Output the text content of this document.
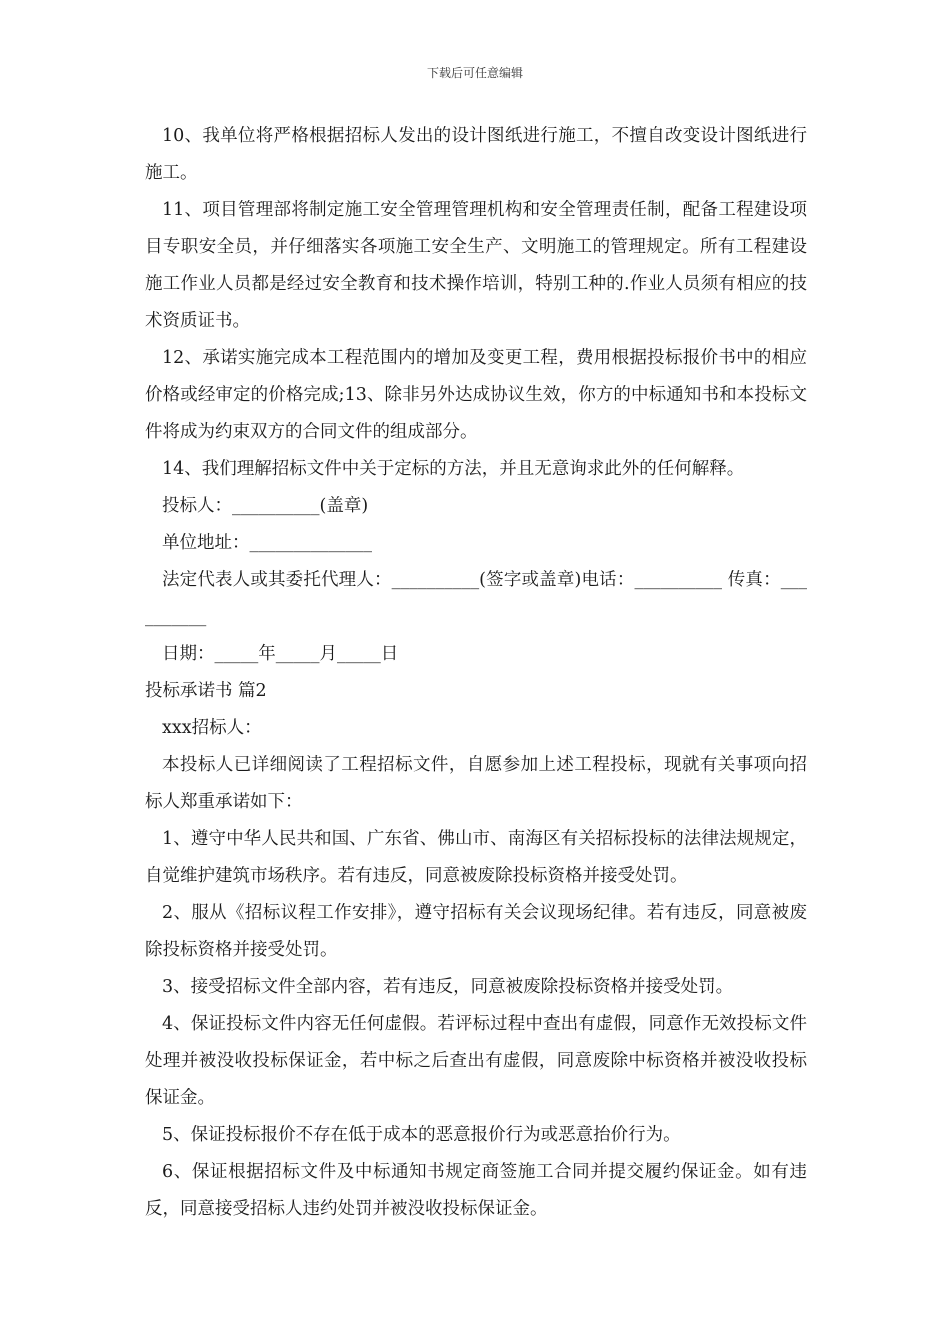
下载后可任意编辑

10、我单位将严格根据招标人发出的设计图纸进行施工，不擅自改变设计图纸进行施工。

11、项目管理部将制定施工安全管理管理机构和安全管理责任制，配备工程建设项目专职安全员，并仔细落实各项施工安全生产、文明施工的管理规定。所有工程建设施工作业人员都是经过安全教育和技术操作培训，特别工种的.作业人员须有相应的技术资质证书。

12、承诺实施完成本工程范围内的增加及变更工程，费用根据投标报价书中的相应价格或经审定的价格完成;13、除非另外达成协议生效，你方的中标通知书和本投标文件将成为约束双方的合同文件的组成部分。

14、我们理解招标文件中关于定标的方法，并且无意询求此外的任何解释。

投标人：__________(盖章)

单位地址：______________

法定代表人或其委托代理人：__________(签字或盖章)电话：__________ 传真：__________

日期：_____年_____月_____日

投标承诺书 篇2

xxx招标人：

本投标人已详细阅读了工程招标文件，自愿参加上述工程投标，现就有关事项向招标人郑重承诺如下：

1、遵守中华人民共和国、广东省、佛山市、南海区有关招标投标的法律法规规定，自觉维护建筑市场秩序。若有违反，同意被废除投标资格并接受处罚。

2、服从《招标议程工作安排》，遵守招标有关会议现场纪律。若有违反，同意被废除投标资格并接受处罚。

3、接受招标文件全部内容，若有违反，同意被废除投标资格并接受处罚。

4、保证投标文件内容无任何虚假。若评标过程中查出有虚假，同意作无效投标文件处理并被没收投标保证金，若中标之后查出有虚假，同意废除中标资格并被没收投标保证金。

5、保证投标报价不存在低于成本的恶意报价行为或恶意抬价行为。

6、保证根据招标文件及中标通知书规定商签施工合同并提交履约保证金。如有违反，同意接受招标人违约处罚并被没收投标保证金。
